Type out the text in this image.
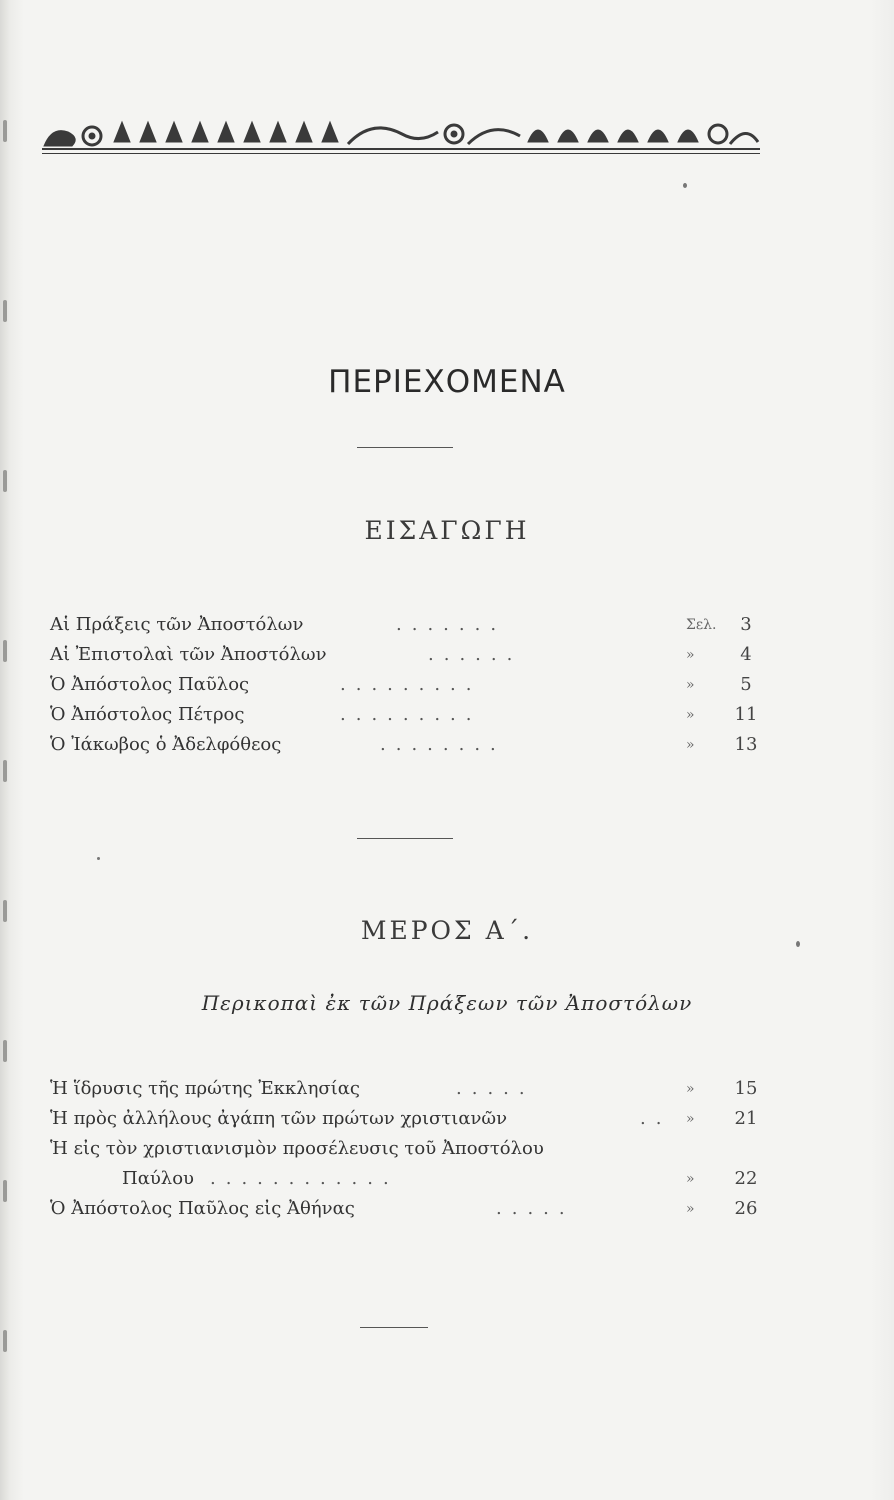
ΠΕΡΙΕΧΟΜΕΝΑ
ΕΙΣΑΓΩΓΗ
Αἱ Πράξεις τῶν Ἀποστόλων	.......	Σελ.	3
Αἱ Ἐπιστολαὶ τῶν Ἀποστόλων	......	»	4
Ὁ Ἀπόστολος Παῦλος	.........	»	5
Ὁ Ἀπόστολος Πέτρος	.........	»	11
Ὁ Ἰάκωβος ὁ Ἀδελφόθεος	........	»	13
ΜΕΡΟΣ Α΄.

Περικοπαὶ ἐκ τῶν Πράξεων τῶν Ἀποστόλων

Ἡ ἵδρυσις τῆς πρώτης Ἐκκλησίας	.....	»	15
Ἡ πρὸς ἀλλήλους ἀγάπη τῶν πρώτων χριστιανῶν	.. »	21
Ἡ εἰς τὸν χριστιανισμὸν προσέλευσις τοῦ Ἀποστόλου
Παύλου ............	»	22
Ὁ Ἀπόστολος Παῦλος εἰς Ἀθήνας	.....	»	26
